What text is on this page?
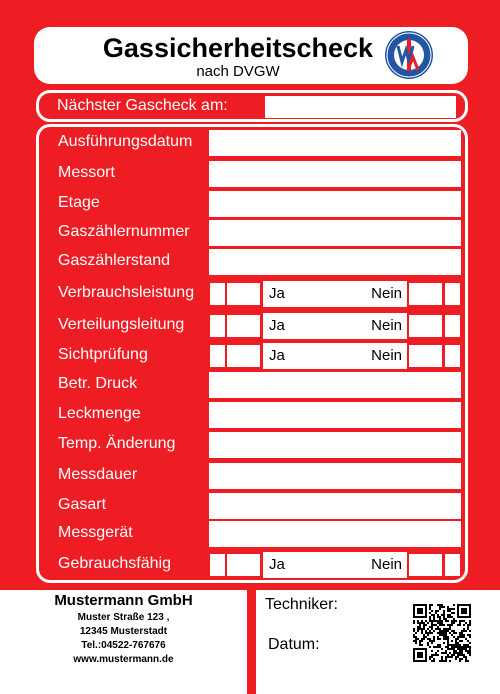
Gassicherheitscheck
nach DVGW
Nächster Gascheck am:
Ausführungsdatum
Messort
Etage
Gaszählernummer
Gaszählerstand
Verbrauchsleistung	Ja	Nein
Verteilungsleitung	Ja	Nein
Sichtprüfung	Ja	Nein
Betr. Druck
Leckmenge
Temp. Änderung
Messdauer
Gasart
Messgerät
Gebrauchsfähig	Ja	Nein
Mustermann GmbH
Muster Straße 123 ,
12345 Musterstadt
Tel.:04522-767676
www.mustermann.de
Techniker:
Datum:
